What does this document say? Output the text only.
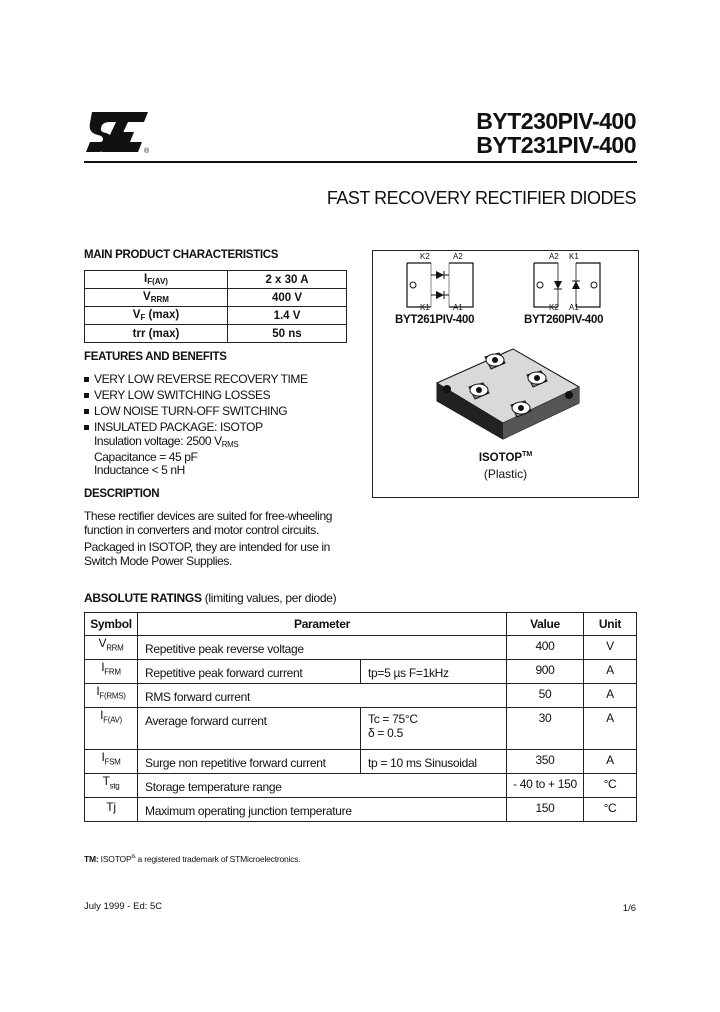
®
BYT230PIV-400
BYT231PIV-400
FAST RECOVERY RECTIFIER DIODES
MAIN PRODUCT CHARACTERISTICS
$I_{F(AV)}$	2 x 30 A
$V_{RRM}$	400 V
$V_F$ (max)	1.4 V
trr (max)	50 ns
FEATURES AND BENEFITS
VERY LOW REVERSE RECOVERY TIME
VERY LOW SWITCHING LOSSES
LOW NOISE TURN-OFF SWITCHING
INSULATED PACKAGE: ISOTOP
Insulation voltage: 2500 $V_{RMS}$
Capacitance = 45 pF
Inductance < 5 nH
DESCRIPTION
These rectifier devices are suited for free-wheeling
function in converters and motor control circuits.
Packaged in ISOTOP, they are intended for use in
Switch Mode Power Supplies.
K2	A2
K1	A1
BYT261PIV-400
A2 K1
K2 A1
BYT260PIV-400
ISOTOP™
(Plastic)
ABSOLUTE RATINGS (limiting values, per diode)
Symbol	Parameter		Value	Unit
$V_{RRM}$	Repetitive peak reverse voltage		400	V
$I_{FRM}$	Repetitive peak forward current	tp=5 µs F=1kHz	900	A
$I_{F(RMS)}$	RMS forward current		50	A
$I_{F(AV)}$	Average forward current	Tc = 75°C
δ = 0.5	30	A
$I_{FSM}$	Surge non repetitive forward current	tp = 10 ms Sinusoidal	350	A
$T_{stg}$	Storage temperature range		- 40 to + 150	°C
Tj	Maximum operating junction temperature		150	°C
TM: $ISOTOP^{is}$ a registered trademark of STMicroelectronics.
July 1999 - Ed: 5C	1/6
